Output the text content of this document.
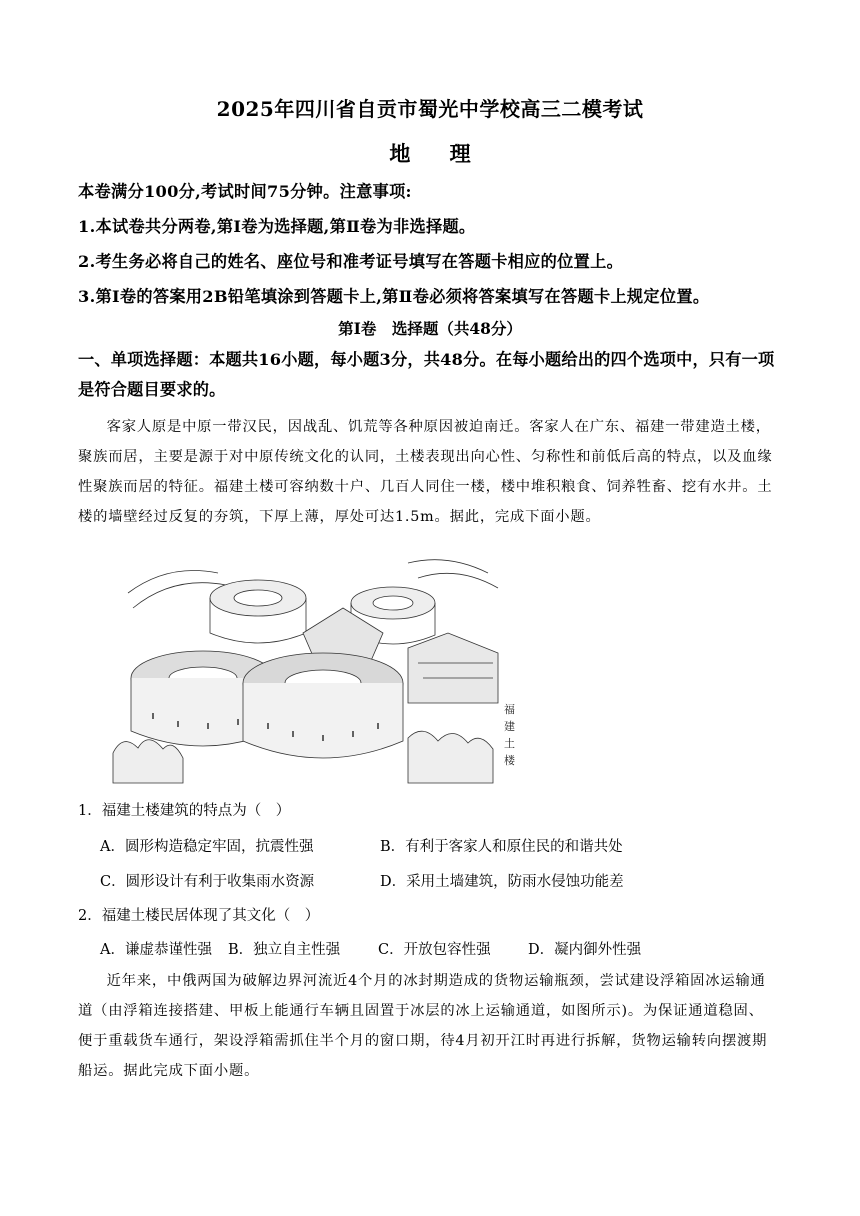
2025年四川省自贡市蜀光中学校高三二模考试
地 理
本卷满分100分,考试时间75分钟。注意事项:
1.本试卷共分两卷,第Ⅰ卷为选择题,第Ⅱ卷为非选择题。
2.考生务必将自己的姓名、座位号和准考证号填写在答题卡相应的位置上。
3.第Ⅰ卷的答案用2B铅笔填涂到答题卡上,第Ⅱ卷必须将答案填写在答题卡上规定位置。
第Ⅰ卷　选择题（共48分）
一、单项选择题：本题共16小题，每小题3分，共48分。在每小题给出的四个选项中，只有一项是符合题目要求的。
客家人原是中原一带汉民，因战乱、饥荒等各种原因被迫南迁。客家人在广东、福建一带建造土楼，聚族而居，主要是源于对中原传统文化的认同，土楼表现出向心性、匀称性和前低后高的特点，以及血缘性聚族而居的特征。福建土楼可容纳数十户、几百人同住一楼，楼中堆积粮食、饲养牲畜、挖有水井。土楼的墙壁经过反复的夯筑，下厚上薄，厚处可达1.5m。据此，完成下面小题。
福
建
土
楼
1．福建土楼建筑的特点为（　）
A．圆形构造稳定牢固，抗震性强	B．有利于客家人和原住民的和谐共处
C．圆形设计有利于收集雨水资源	D．采用土墙建筑，防雨水侵蚀功能差
2．福建土楼民居体现了其文化（　）
A．谦虚恭谨性强 B．独立自主性强	C．开放包容性强	D．凝内御外性强
近年来，中俄两国为破解边界河流近4个月的冰封期造成的货物运输瓶颈，尝试建设浮箱固冰运输通道（由浮箱连接搭建、甲板上能通行车辆且固置于冰层的冰上运输通道，如图所示)。为保证通道稳固、便于重载货车通行，架设浮箱需抓住半个月的窗口期，待4月初开江时再进行拆解，货物运输转向摆渡期船运。据此完成下面小题。
